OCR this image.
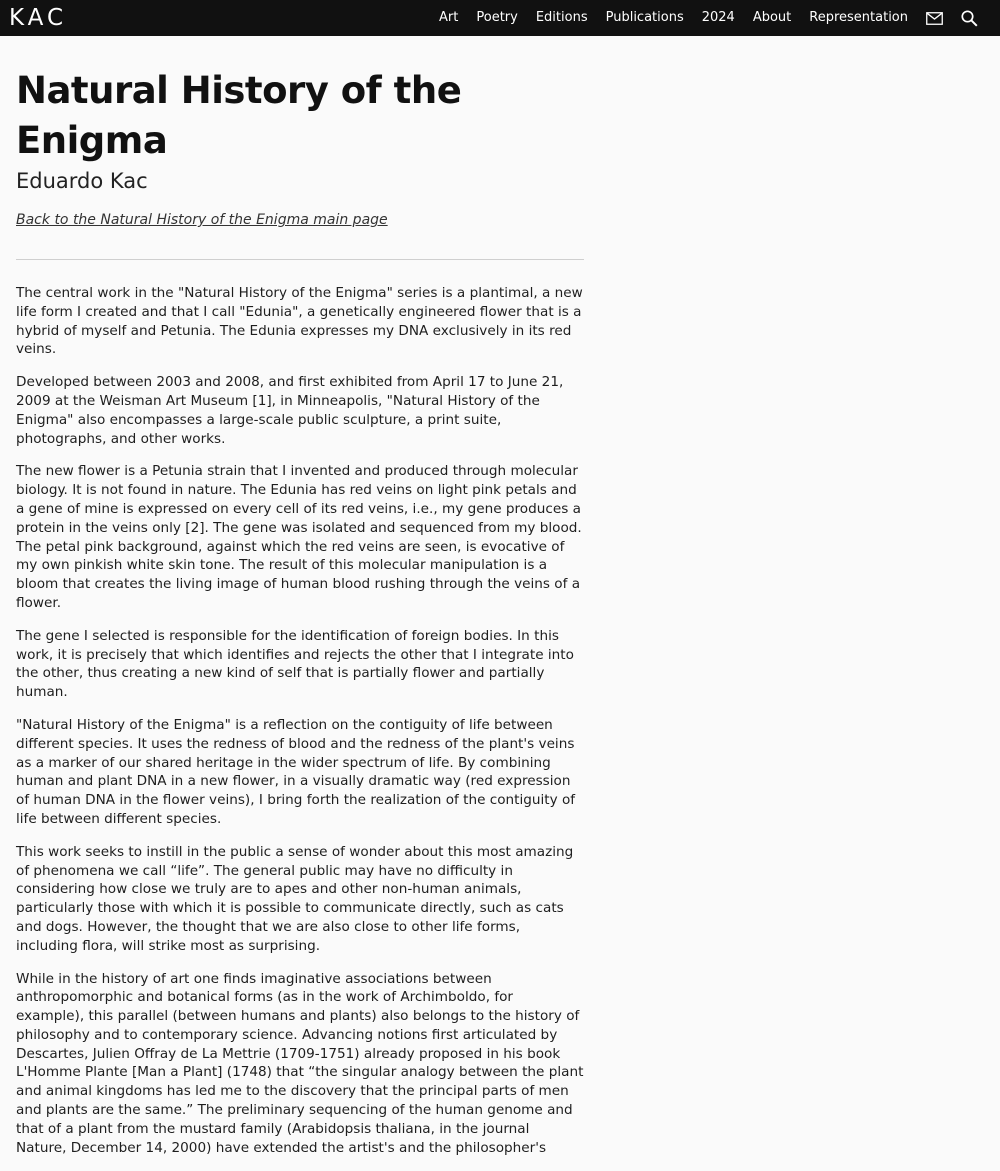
KAC	Art Poetry Editions Publications 2024 About Representation
Natural History of the Enigma
Eduardo Kac
Back to the Natural History of the Enigma main page

The central work in the "Natural History of the Enigma" series is a plantimal, a new life form I created and that I call "Edunia", a genetically engineered flower that is a hybrid of myself and Petunia. The Edunia expresses my DNA exclusively in its red veins.

Developed between 2003 and 2008, and first exhibited from April 17 to June 21, 2009 at the Weisman Art Museum [1], in Minneapolis, "Natural History of the Enigma" also encompasses a large-scale public sculpture, a print suite, photographs, and other works.

The new flower is a Petunia strain that I invented and produced through molecular biology. It is not found in nature. The Edunia has red veins on light pink petals and a gene of mine is expressed on every cell of its red veins, i.e., my gene produces a protein in the veins only [2]. The gene was isolated and sequenced from my blood. The petal pink background, against which the red veins are seen, is evocative of my own pinkish white skin tone. The result of this molecular manipulation is a bloom that creates the living image of human blood rushing through the veins of a flower.

The gene I selected is responsible for the identification of foreign bodies. In this work, it is precisely that which identifies and rejects the other that I integrate into the other, thus creating a new kind of self that is partially flower and partially human.

"Natural History of the Enigma" is a reflection on the contiguity of life between different species. It uses the redness of blood and the redness of the plant's veins as a marker of our shared heritage in the wider spectrum of life. By combining human and plant DNA in a new flower, in a visually dramatic way (red expression of human DNA in the flower veins), I bring forth the realization of the contiguity of life between different species.

This work seeks to instill in the public a sense of wonder about this most amazing of phenomena we call “life”. The general public may have no difficulty in considering how close we truly are to apes and other non-human animals, particularly those with which it is possible to communicate directly, such as cats and dogs. However, the thought that we are also close to other life forms, including flora, will strike most as surprising.

While in the history of art one finds imaginative associations between anthropomorphic and botanical forms (as in the work of Archimboldo, for example), this parallel (between humans and plants) also belongs to the history of philosophy and to contemporary science. Advancing notions first articulated by Descartes, Julien Offray de La Mettrie (1709-1751) already proposed in his book L'Homme Plante [Man a Plant] (1748) that “the singular analogy between the plant and animal kingdoms has led me to the discovery that the principal parts of men and plants are the same.” The preliminary sequencing of the human genome and that of a plant from the mustard family (Arabidopsis thaliana, in the journal Nature, December 14, 2000) have extended the artist's and the philosopher's
